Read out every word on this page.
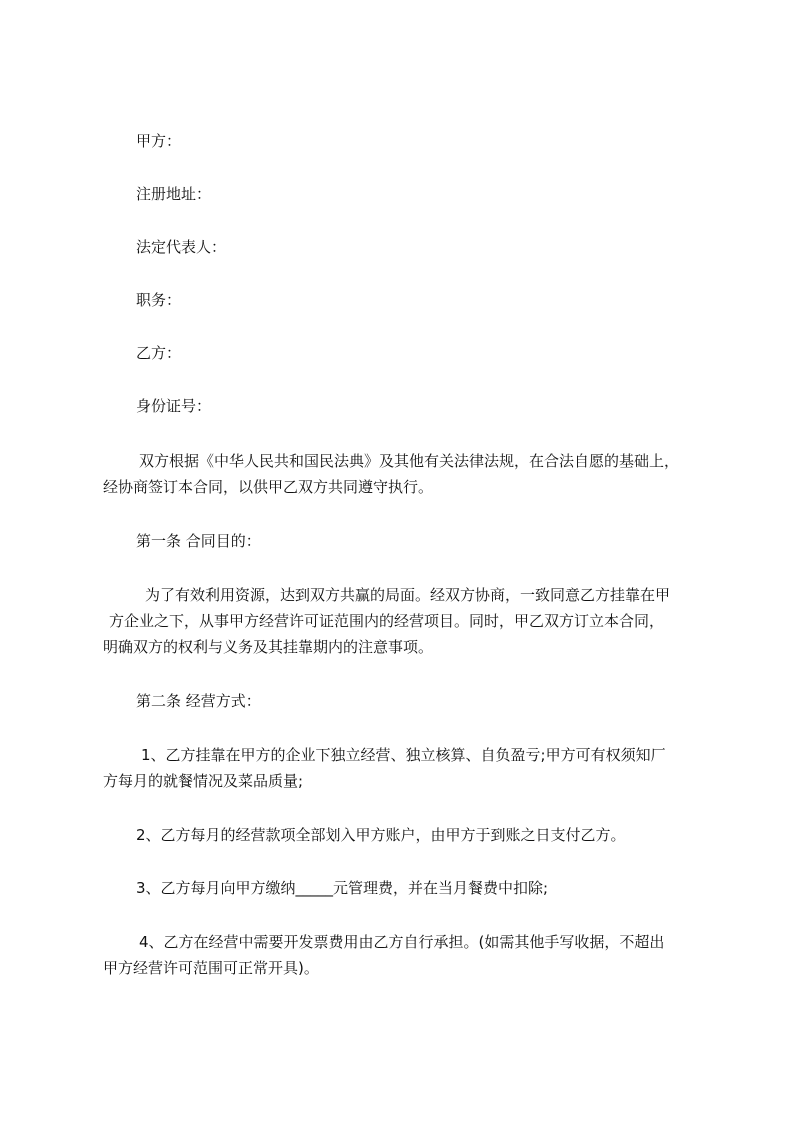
甲方：
注册地址：
法定代表人：
职务：
乙方：
身份证号：
双方根据《中华人民共和国民法典》及其他有关法律法规，在合法自愿的基础上，
经协商签订本合同，以供甲乙双方共同遵守执行。
第一条 合同目的：
为了有效利用资源，达到双方共赢的局面。经双方协商，一致同意乙方挂靠在甲
方企业之下，从事甲方经营许可证范围内的经营项目。同时，甲乙双方订立本合同，
明确双方的权利与义务及其挂靠期内的注意事项。
第二条 经营方式：
1、乙方挂靠在甲方的企业下独立经营、独立核算、自负盈亏;甲方可有权须知厂
方每月的就餐情况及菜品质量;
2、乙方每月的经营款项全部划入甲方账户，由甲方于到账之日支付乙方。
3、乙方每月向甲方缴纳_____元管理费，并在当月餐费中扣除;
4、乙方在经营中需要开发票费用由乙方自行承担。(如需其他手写收据，不超出
甲方经营许可范围可正常开具)。
